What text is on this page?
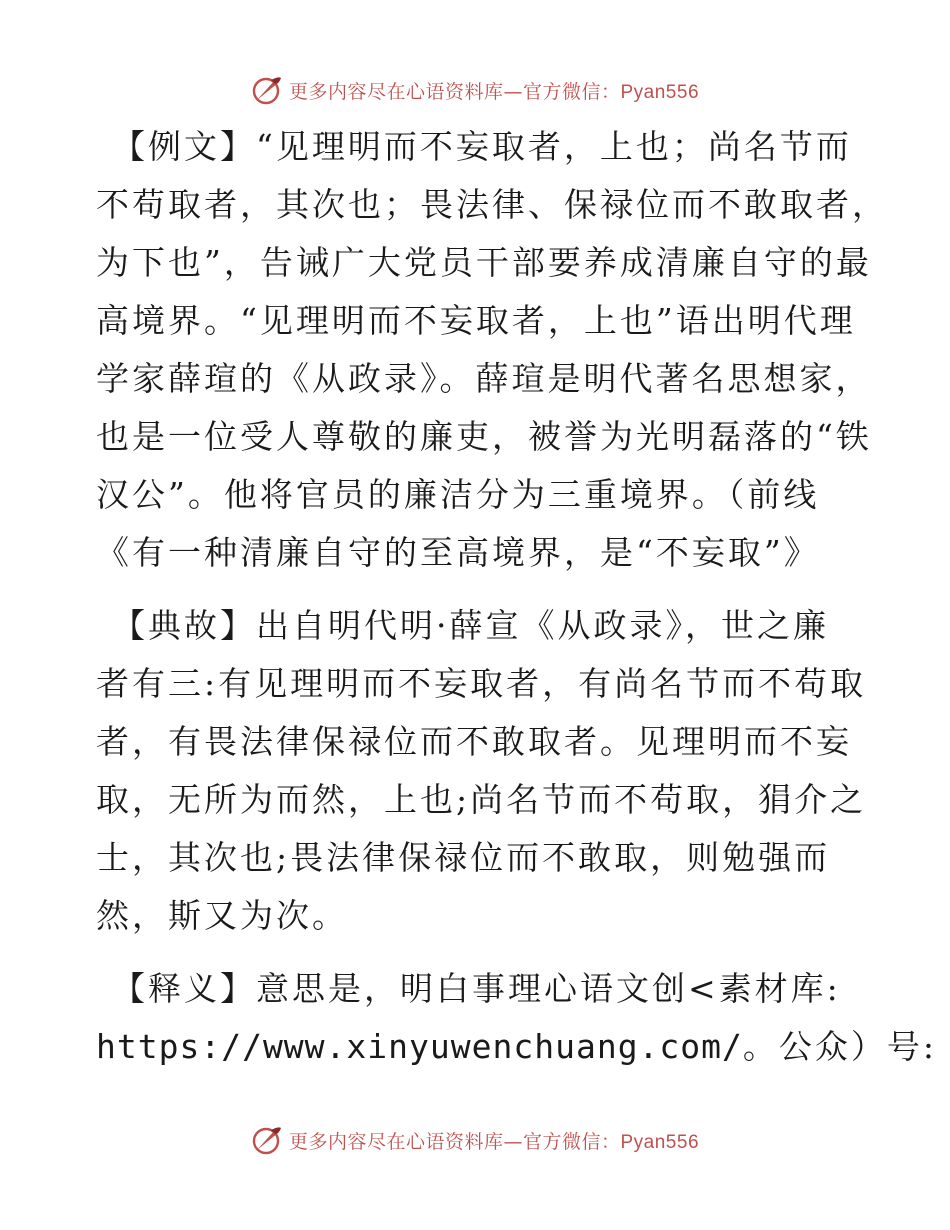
更多内容尽在心语资料库—官方微信：Pyan556
【例文】“见理明而不妄取者，上也；尚名节而
不苟取者，其次也；畏法律、保禄位而不敢取者，
为下也”，告诫广大党员干部要养成清廉自守的最
高境界。“见理明而不妄取者，上也”语出明代理
学家薛瑄的《从政录》。薛瑄是明代著名思想家，
也是一位受人尊敬的廉吏，被誉为光明磊落的“铁
汉公”。他将官员的廉洁分为三重境界。（前线
《有一种清廉自守的至高境界，是“不妄取”》
【典故】出自明代明·薛宣《从政录》，世之廉
者有三:有见理明而不妄取者，有尚名节而不苟取
者，有畏法律保禄位而不敢取者。见理明而不妄
取，无所为而然，上也;尚名节而不苟取，狷介之
士，其次也;畏法律保禄位而不敢取，则勉强而
然，斯又为次。
【释义】意思是，明白事理心语文创<素材库:
https://www.xinyuwenchuang.com/。公众）号:
更多内容尽在心语资料库—官方微信：Pyan556
